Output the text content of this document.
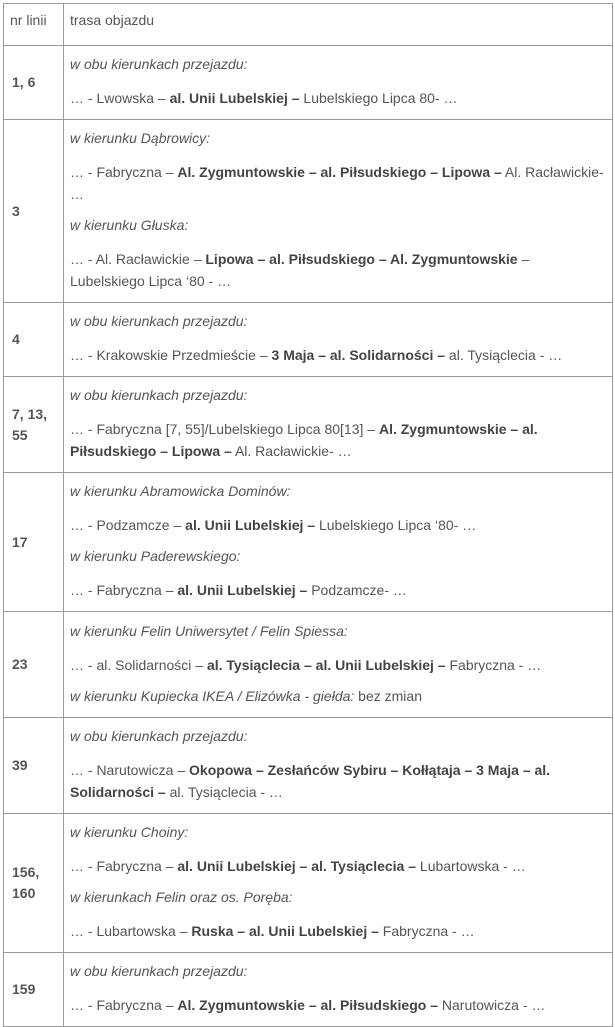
nr linii	trasa objazdu
1, 6	w obu kierunkach przejazdu:
… - Lwowska – al. Unii Lubelskiej – Lubelskiego Lipca 80- …

3	w kierunku Dąbrowicy:
… - Fabryczna – Al. Zygmuntowskie – al. Piłsudskiego – Lipowa – Al. Racławickie- …
w kierunku Głuska:
… - Al. Racławickie – Lipowa – al. Piłsudskiego – Al. Zygmuntowskie – Lubelskiego Lipca ‘80 - …

4	w obu kierunkach przejazdu:
… - Krakowskie Przedmieście – 3 Maja – al. Solidarności – al. Tysiąclecia - …

7, 13, 55	w obu kierunkach przejazdu:
… - Fabryczna [7, 55]/Lubelskiego Lipca 80[13] – Al. Zygmuntowskie – al. Piłsudskiego – Lipowa – Al. Racławickie- …

17	w kierunku Abramowicka Dominów:
… - Podzamcze – al. Unii Lubelskiej – Lubelskiego Lipca ‘80- …
w kierunku Paderewskiego:
… - Fabryczna – al. Unii Lubelskiej – Podzamcze- …

23	w kierunku Felin Uniwersytet / Felin Spiessa:
… - al. Solidarności – al. Tysiąclecia – al. Unii Lubelskiej – Fabryczna - …
w kierunku Kupiecka IKEA / Elizówka - giełda: bez zmian

39	w obu kierunkach przejazdu:
… - Narutowicza – Okopowa – Zesłańców Sybiru – Kołłątaja – 3 Maja – al. Solidarności – al. Tysiąclecia - …

156, 160	w kierunku Choiny:
… - Fabryczna – al. Unii Lubelskiej – al. Tysiąclecia – Lubartowska - …
w kierunkach Felin oraz os. Poręba:
… - Lubartowska – Ruska – al. Unii Lubelskiej – Fabryczna - …

159	w obu kierunkach przejazdu:
… - Fabryczna – Al. Zygmuntowskie – al. Piłsudskiego – Narutowicza - …
